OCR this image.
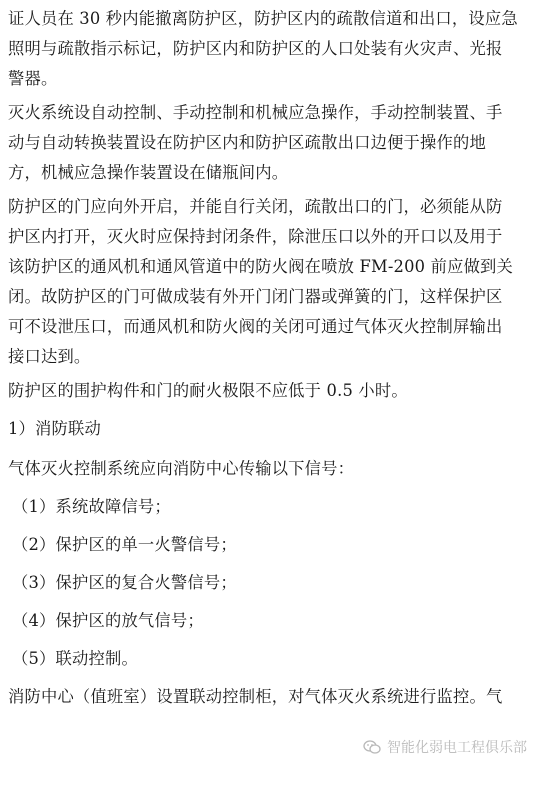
证人员在 30 秒内能撤离防护区，防护区内的疏散信道和出口，设应急
照明与疏散指示标记，防护区内和防护区的人口处装有火灾声、光报
警器。
灭火系统设自动控制、手动控制和机械应急操作，手动控制装置、手
动与自动转换装置设在防护区内和防护区疏散出口边便于操作的地
方，机械应急操作装置设在储瓶间内。
防护区的门应向外开启，并能自行关闭，疏散出口的门，必须能从防
护区内打开，灭火时应保持封闭条件，除泄压口以外的开口以及用于
该防护区的通风机和通风管道中的防火阀在喷放 FM-200 前应做到关
闭。故防护区的门可做成装有外开门闭门器或弹簧的门，这样保护区
可不设泄压口，而通风机和防火阀的关闭可通过气体灭火控制屏输出
接口达到。
防护区的围护构件和门的耐火极限不应低于 0.5 小时。
1）消防联动
气体灭火控制系统应向消防中心传输以下信号：
（1）系统故障信号；
（2）保护区的单一火警信号；
（3）保护区的复合火警信号；
（4）保护区的放气信号；
（5）联动控制。
消防中心（值班室）设置联动控制柜，对气体灭火系统进行监控。气
智能化弱电工程俱乐部
